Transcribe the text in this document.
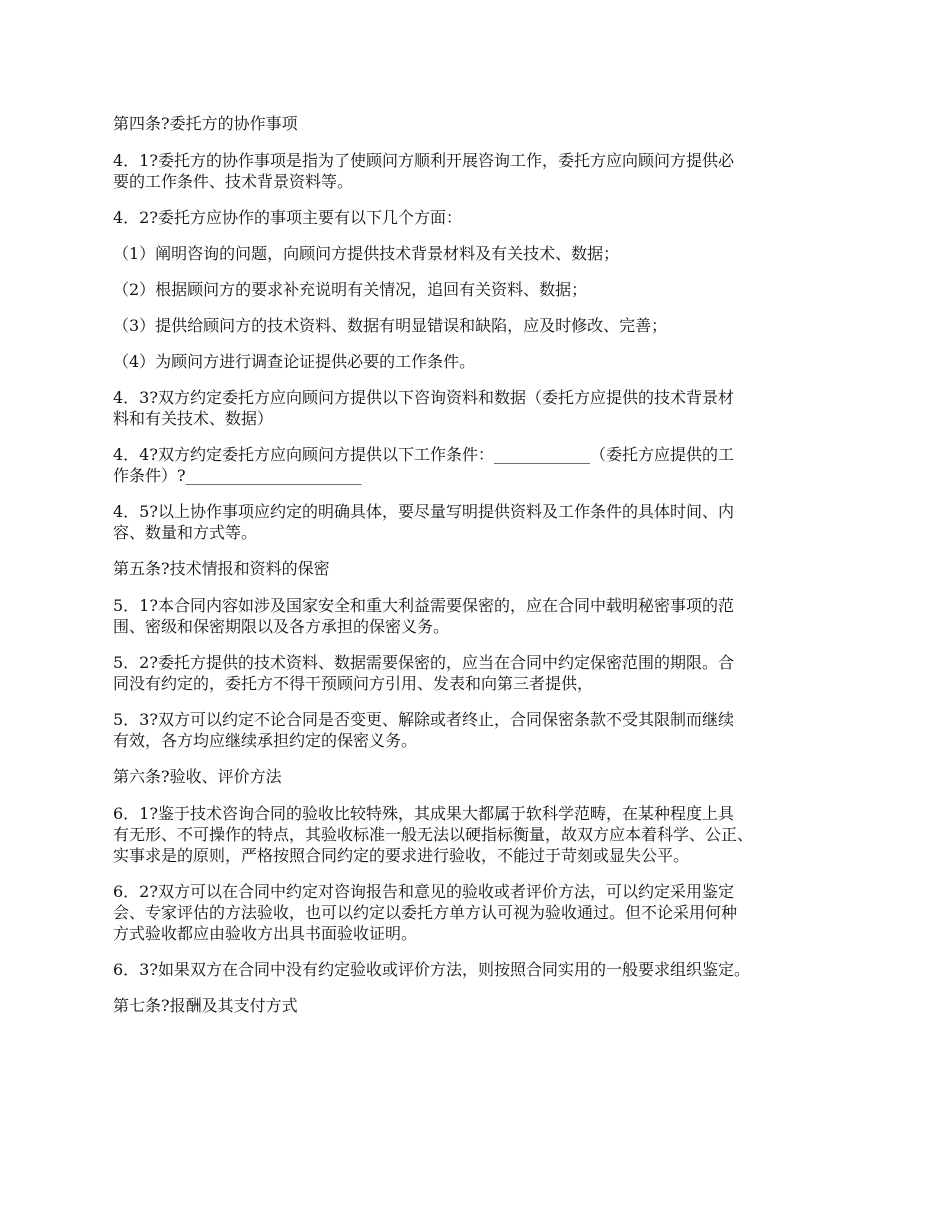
第四条?委托方的协作事项

4．1?委托方的协作事项是指为了使顾问方顺利开展咨询工作，委托方应向顾问方提供必
要的工作条件、技术背景资料等。

4．2?委托方应协作的事项主要有以下几个方面：

（1）阐明咨询的问题，向顾问方提供技术背景材料及有关技术、数据；

（2）根据顾问方的要求补充说明有关情况，追回有关资料、数据；

（3）提供给顾问方的技术资料、数据有明显错误和缺陷，应及时修改、完善；

（4）为顾问方进行调查论证提供必要的工作条件。

4．3?双方约定委托方应向顾问方提供以下咨询资料和数据（委托方应提供的技术背景材
料和有关技术、数据）

4．4?双方约定委托方应向顾问方提供以下工作条件：____________（委托方应提供的工
作条件）?______________________

4．5?以上协作事项应约定的明确具体，要尽量写明提供资料及工作条件的具体时间、内
容、数量和方式等。

第五条?技术情报和资料的保密

5．1?本合同内容如涉及国家安全和重大利益需要保密的，应在合同中载明秘密事项的范
围、密级和保密期限以及各方承担的保密义务。

5．2?委托方提供的技术资料、数据需要保密的，应当在合同中约定保密范围的期限。合
同没有约定的，委托方不得干预顾问方引用、发表和向第三者提供，

5．3?双方可以约定不论合同是否变更、解除或者终止，合同保密条款不受其限制而继续
有效，各方均应继续承担约定的保密义务。

第六条?验收、评价方法

6．1?鉴于技术咨询合同的验收比较特殊，其成果大都属于软科学范畴，在某种程度上具
有无形、不可操作的特点，其验收标准一般无法以硬指标衡量，故双方应本着科学、公正、
实事求是的原则，严格按照合同约定的要求进行验收，不能过于苛刻或显失公平。

6．2?双方可以在合同中约定对咨询报告和意见的验收或者评价方法，可以约定采用鉴定
会、专家评估的方法验收，也可以约定以委托方单方认可视为验收通过。但不论采用何种
方式验收都应由验收方出具书面验收证明。

6．3?如果双方在合同中没有约定验收或评价方法，则按照合同实用的一般要求组织鉴定。

第七条?报酬及其支付方式
